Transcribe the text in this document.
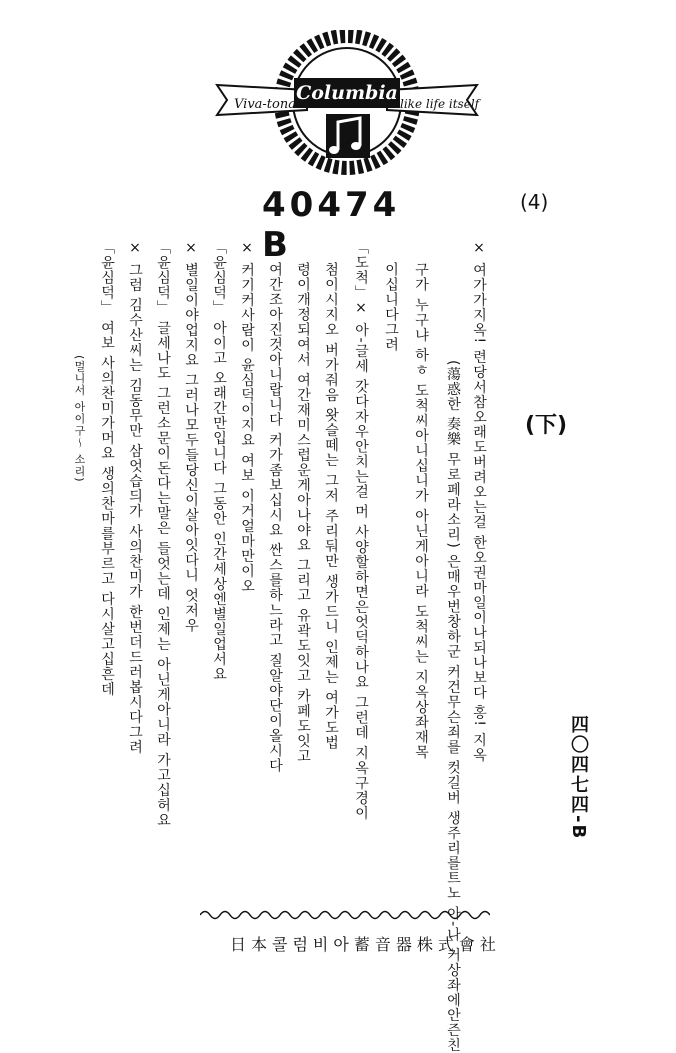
Viva-tonal	like life itself
Columbia
40474 B
(4)
(下)
四〇四七四-B
× 여가가지옥! 련당서참오래도버려오는걸 한오권마일이나되나보다 홍! 지옥
(蕩惑한 奏樂 무로페라소리) 은매우번창하군 커건무슨죄를 컷길버 생주리를트노 아-나 커상좌에안즌친
구가 누구냐 하ㅎ 도척씨아니십니가 아닌게아니라 도척씨는 지옥상좌재목
이십니다그려
「도척」× 아-글세 갓다자우안치는걸 머 사양할하면은엇덕하나요 그런데 지옥구경이
첨이시지오 버가줘음 왓슬떼는 그저 주리둬만 생가드니 인제는 여가도법
령이개정되여서 여간재미스럽운게아나야요 그리고 유곽도잇고 카페도잇고
여간조아진것아니랍니다 커가좀보십시요 싼스를하느라고 질알야단이올시다
× 커기커사람이 윤심덕이지요 여보 이거얼마만이오
「윤심덕」 아이고 오래간만입니다 그동안 인간세상엔별일업서요
× 별일이야업지요 그러나모두들당신이살아잇다니 엇저우
「윤심덕」 글세나도 그런소문이돈다는말은 들엇는데 인제는 아닌게아니라 가고십허요
× 그럼 김수산씨는 김동무만 삼엇습듸가 사의찬미가 한번더드러봅시다그려
「윤심덕」 여보 사의찬미가머요 생의찬마를부르고 다시살고십흔데
(멀니서 아이구～ 소리)
日本콜럼비아蓄音器株式會社
